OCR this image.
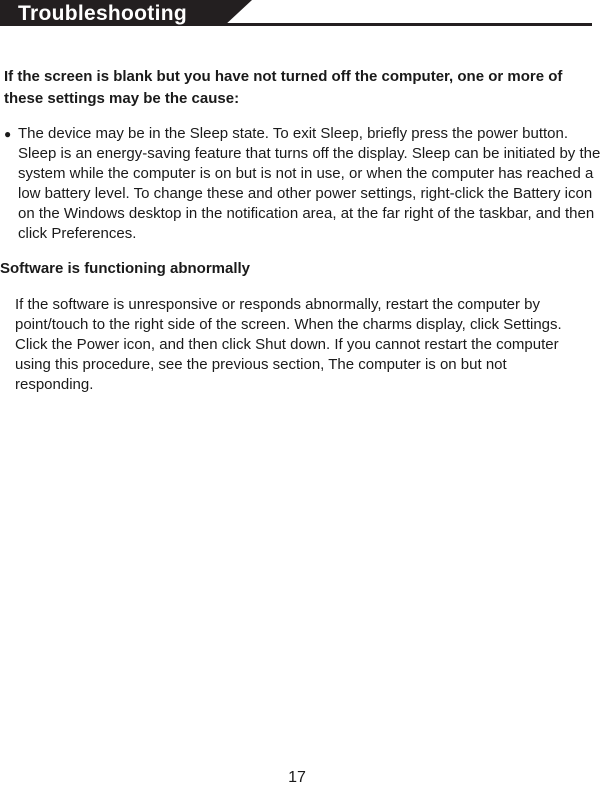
Troubleshooting

If the screen is blank but you have not turned off the computer, one or more of these settings may be the cause:

● The device may be in the Sleep state. To exit Sleep, briefly press the power button. Sleep is an energy-saving feature that turns off the display. Sleep can be initiated by the system while the computer is on but is not in use, or when the computer has reached a low battery level. To change these and other power settings, right-click the Battery icon on the Windows desktop in the notification area, at the far right of the taskbar, and then click Preferences.

Software is functioning abnormally

If the software is unresponsive or responds abnormally, restart the computer by point/touch to the right side of the screen. When the charms display, click Settings. Click the Power icon, and then click Shut down. If you cannot restart the computer using this procedure, see the previous section, The computer is on but not responding.

17
